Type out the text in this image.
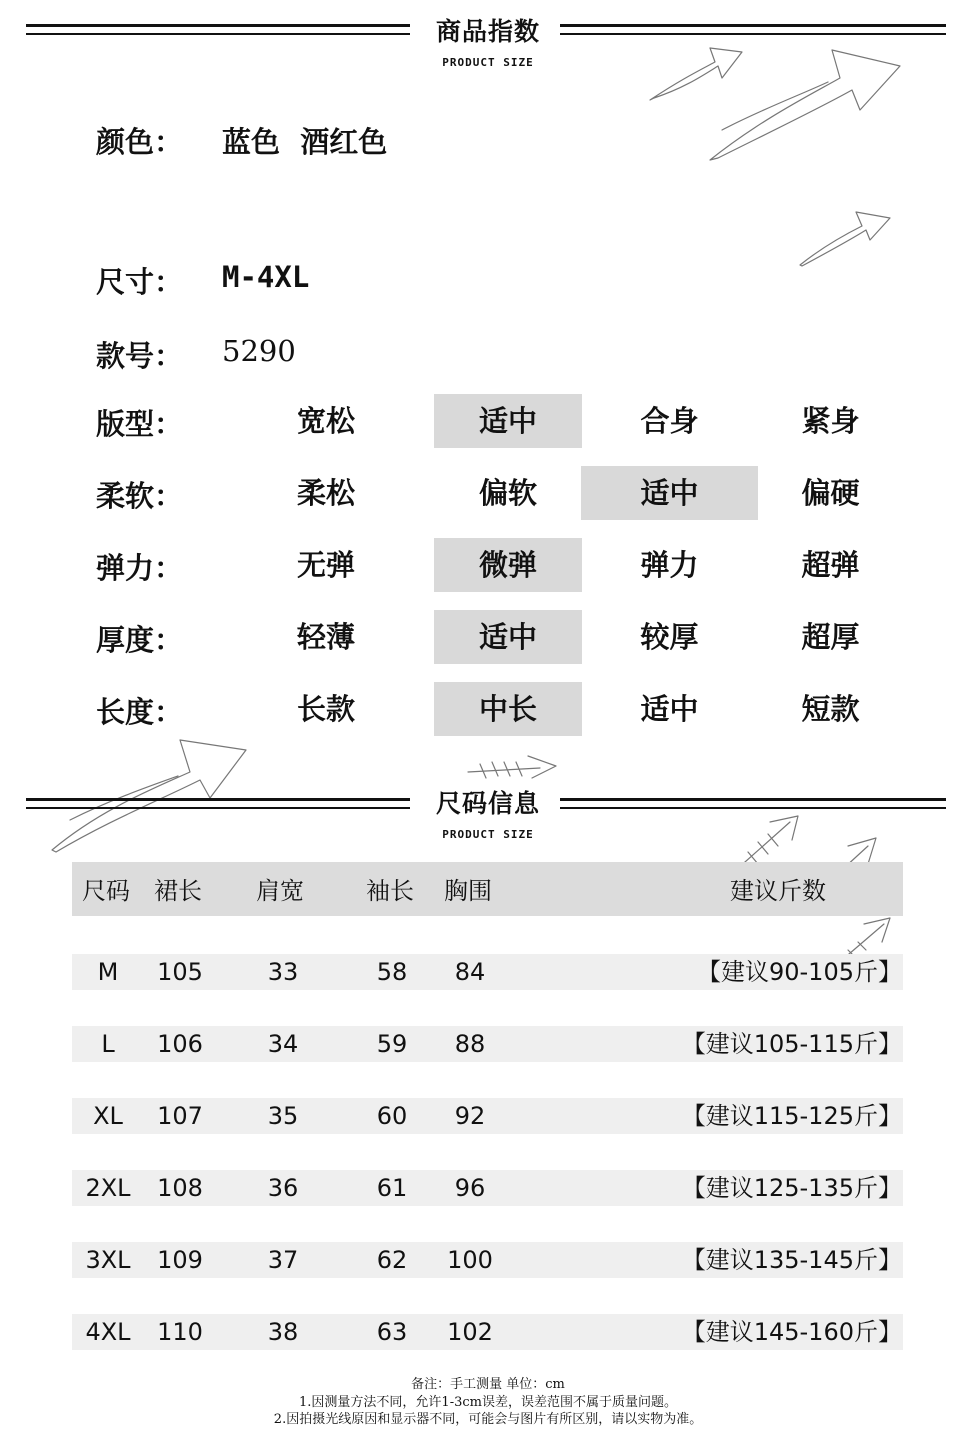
商品指数
PRODUCT SIZE
颜色： 蓝色  酒红色
尺寸： M-4XL
款号： 5290
版型：	宽松	适中	合身	紧身
柔软：	柔松	偏软	适中	偏硬
弹力：	无弹	微弹	弹力	超弹
厚度：	轻薄	适中	较厚	超厚
长度：	长款	中长	适中	短款
尺码信息
PRODUCT SIZE
尺码 裙长 肩宽	袖长 胸围	建议斤数
M	105	33	58	84	【建议90-105斤】
L	106	34	59	88	【建议105-115斤】
XL	107	35	60	92	【建议115-125斤】
2XL	108	36	61	96	【建议125-135斤】
3XL	109	37	62	100	【建议135-145斤】
4XL	110	38	63	102	【建议145-160斤】
备注：手工测量 单位：cm
1.因测量方法不同，允许1-3cm误差，误差范围不属于质量问题。
2.因拍摄光线原因和显示器不同，可能会与图片有所区别，请以实物为准。
